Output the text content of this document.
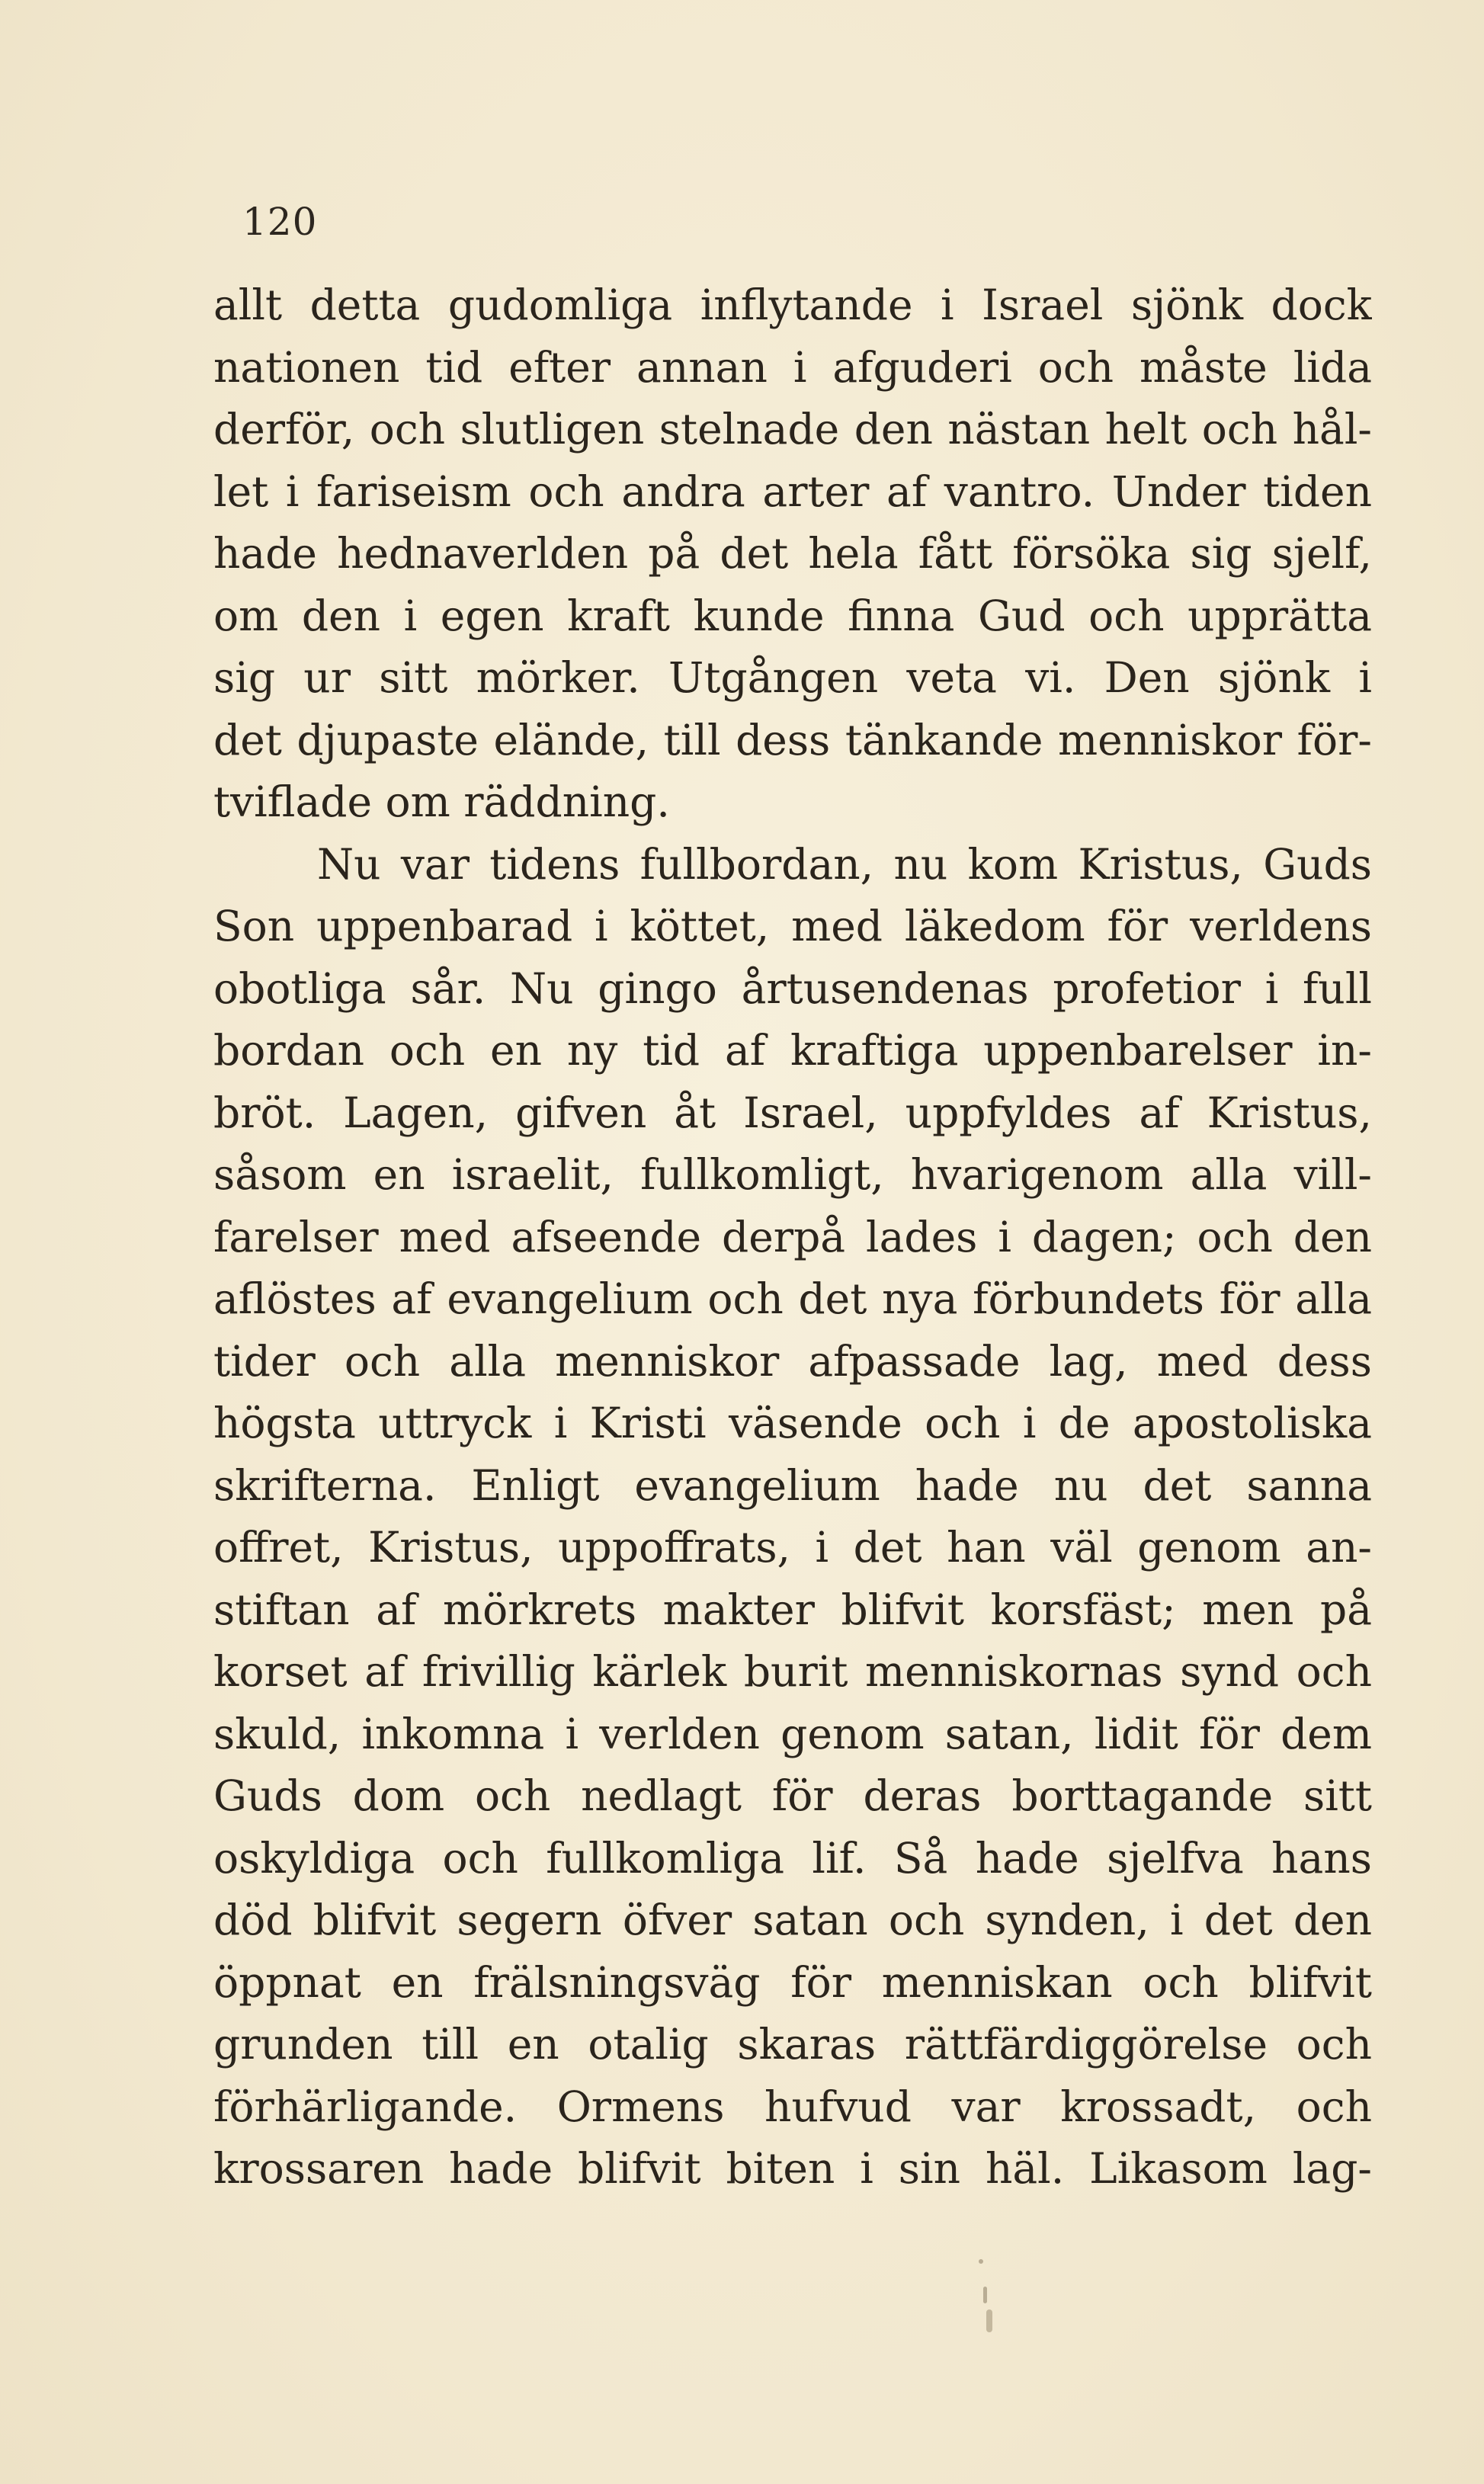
120
allt detta gudomliga inflytande i Israel sjönk dock
nationen tid efter annan i afguderi och måste lida
derför, och slutligen stelnade den nästan helt och hål-
let i fariseism och andra arter af vantro. Under tiden
hade hednaverlden på det hela fått försöka sig sjelf,
om den i egen kraft kunde finna Gud och upprätta
sig ur sitt mörker. Utgången veta vi. Den sjönk i
det djupaste elände, till dess tänkande menniskor för-
tviflade om räddning.
Nu var tidens fullbordan, nu kom Kristus, Guds
Son uppenbarad i köttet, med läkedom för verldens
obotliga sår. Nu gingo årtusendenas profetior i full
bordan och en ny tid af kraftiga uppenbarelser in-
bröt. Lagen, gifven åt Israel, uppfyldes af Kristus,
såsom en israelit, fullkomligt, hvarigenom alla vill-
farelser med afseende derpå lades i dagen; och den
aflöstes af evangelium och det nya förbundets för alla
tider och alla menniskor afpassade lag, med dess
högsta uttryck i Kristi väsende och i de apostoliska
skrifterna. Enligt evangelium hade nu det sanna
offret, Kristus, uppoffrats, i det han väl genom an-
stiftan af mörkrets makter blifvit korsfäst; men på
korset af frivillig kärlek burit menniskornas synd och
skuld, inkomna i verlden genom satan, lidit för dem
Guds dom och nedlagt för deras borttagande sitt
oskyldiga och fullkomliga lif. Så hade sjelfva hans
död blifvit segern öfver satan och synden, i det den
öppnat en frälsningsväg för menniskan och blifvit
grunden till en otalig skaras rättfärdiggörelse och
förhärligande. Ormens hufvud var krossadt, och
krossaren hade blifvit biten i sin häl. Likasom lag-
